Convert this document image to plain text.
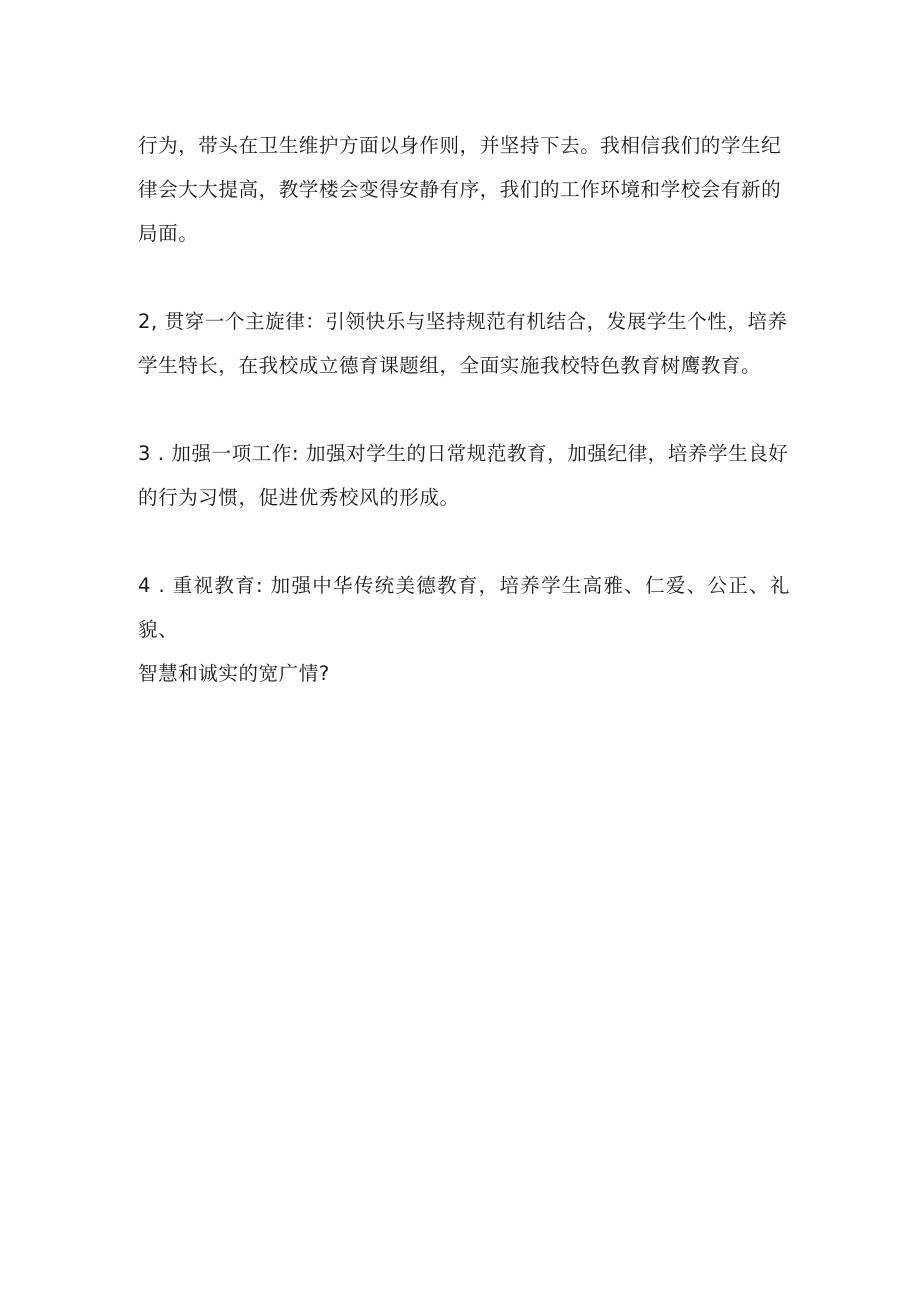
行为，带头在卫生维护方面以身作则，并坚持下去。我相信我们的学生纪
律会大大提高，教学楼会变得安静有序，我们的工作环境和学校会有新的
局面。
2, 贯穿一个主旋律：引领快乐与坚持规范有机结合，发展学生个性，培养
学生特长，在我校成立德育课题组，全面实施我校特色教育树鹰教育。
3 . 加强一项工作: 加强对学生的日常规范教育，加强纪律，培养学生良好
的行为习惯，促进优秀校风的形成。
4 . 重视教育: 加强中华传统美德教育，培养学生高雅、仁爱、公正、礼貌、
智慧和诚实的宽广情?
